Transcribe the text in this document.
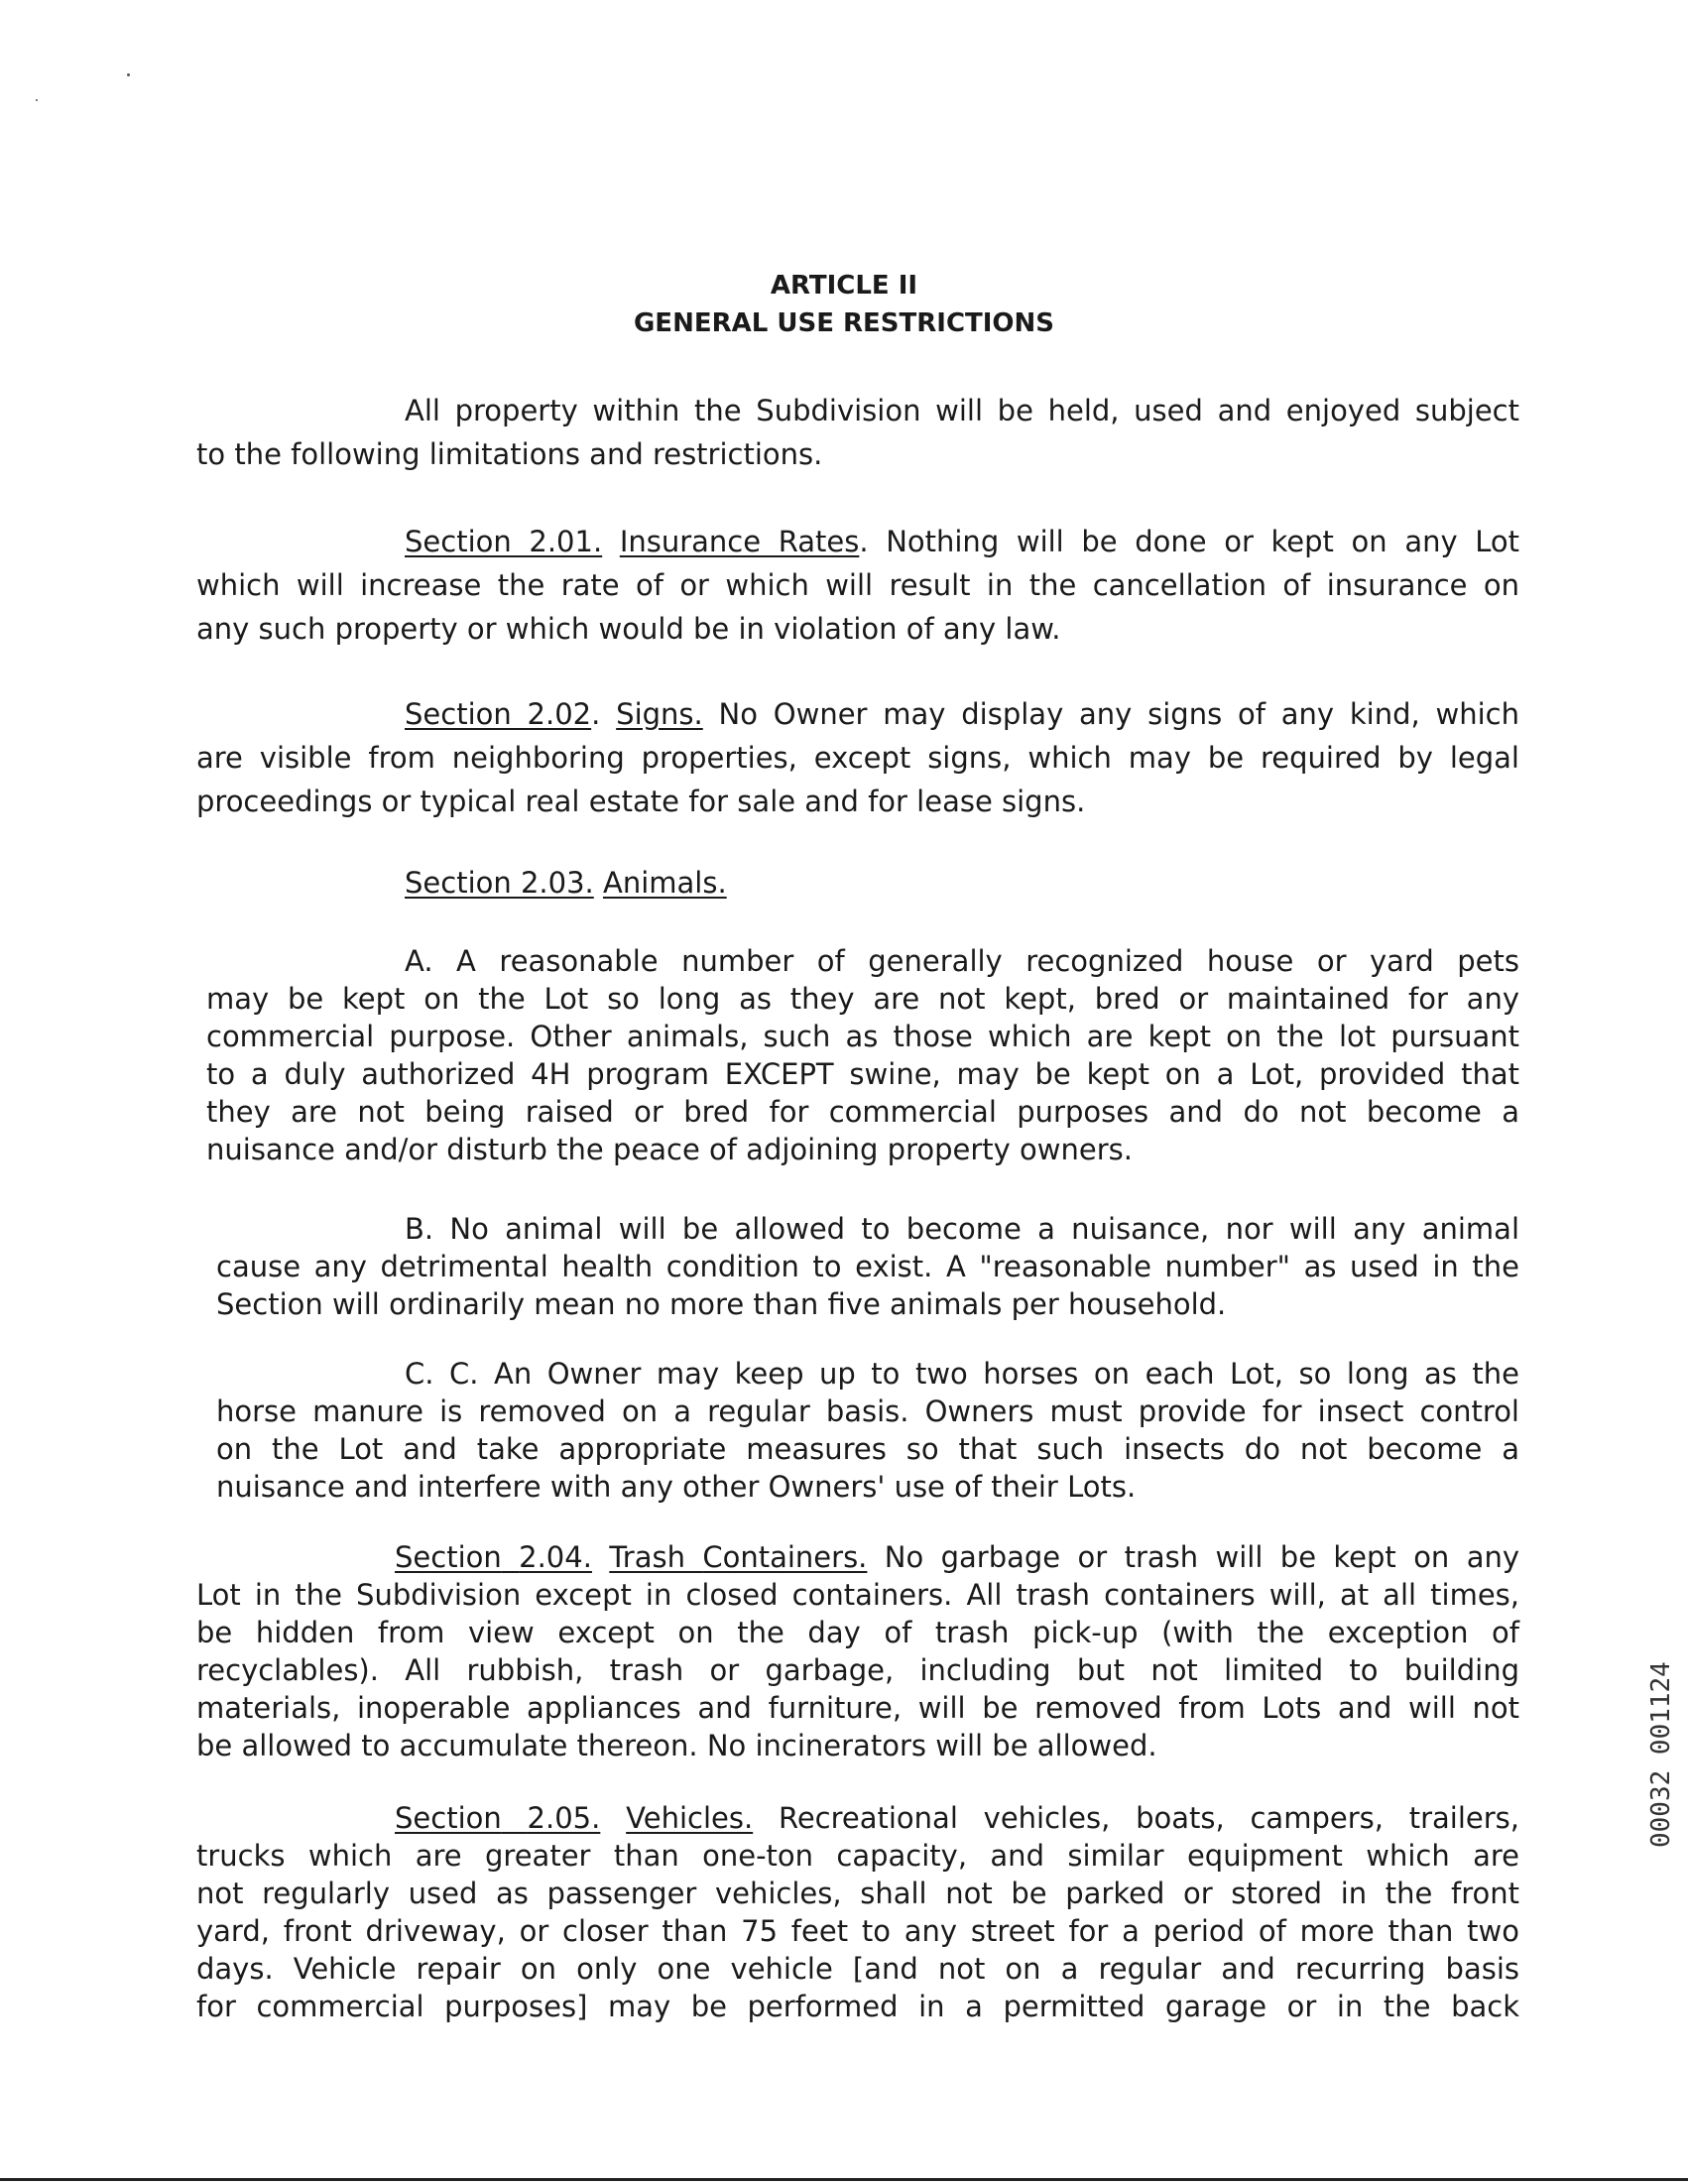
ARTICLE II
GENERAL USE RESTRICTIONS
All property within the Subdivision will be held, used and enjoyed subject
to the following limitations and restrictions.
Section 2.01. Insurance Rates. Nothing will be done or kept on any Lot
which will increase the rate of or which will result in the cancellation of insurance on
any such property or which would be in violation of any law.
Section 2.02. Signs. No Owner may display any signs of any kind, which
are visible from neighboring properties, except signs, which may be required by legal
proceedings or typical real estate for sale and for lease signs.
Section 2.03. Animals.
A. A reasonable number of generally recognized house or yard pets
may be kept on the Lot so long as they are not kept, bred or maintained for any
commercial purpose. Other animals, such as those which are kept on the lot pursuant
to a duly authorized 4H program EXCEPT swine, may be kept on a Lot, provided that
they are not being raised or bred for commercial purposes and do not become a
nuisance and/or disturb the peace of adjoining property owners.
B. No animal will be allowed to become a nuisance, nor will any animal
cause any detrimental health condition to exist. A "reasonable number" as used in the
Section will ordinarily mean no more than five animals per household.
C. C. An Owner may keep up to two horses on each Lot, so long as the
horse manure is removed on a regular basis. Owners must provide for insect control
on the Lot and take appropriate measures so that such insects do not become a
nuisance and interfere with any other Owners' use of their Lots.
Section 2.04. Trash Containers. No garbage or trash will be kept on any
Lot in the Subdivision except in closed containers. All trash containers will, at all times,
be hidden from view except on the day of trash pick-up (with the exception of
recyclables). All rubbish, trash or garbage, including but not limited to building
materials, inoperable appliances and furniture, will be removed from Lots and will not
be allowed to accumulate thereon. No incinerators will be allowed.
Section 2.05. Vehicles. Recreational vehicles, boats, campers, trailers,
trucks which are greater than one-ton capacity, and similar equipment which are
not regularly used as passenger vehicles, shall not be parked or stored in the front
yard, front driveway, or closer than 75 feet to any street for a period of more than two
days. Vehicle repair on only one vehicle [and not on a regular and recurring basis
for commercial purposes] may be performed in a permitted garage or in the back
00032 001124
